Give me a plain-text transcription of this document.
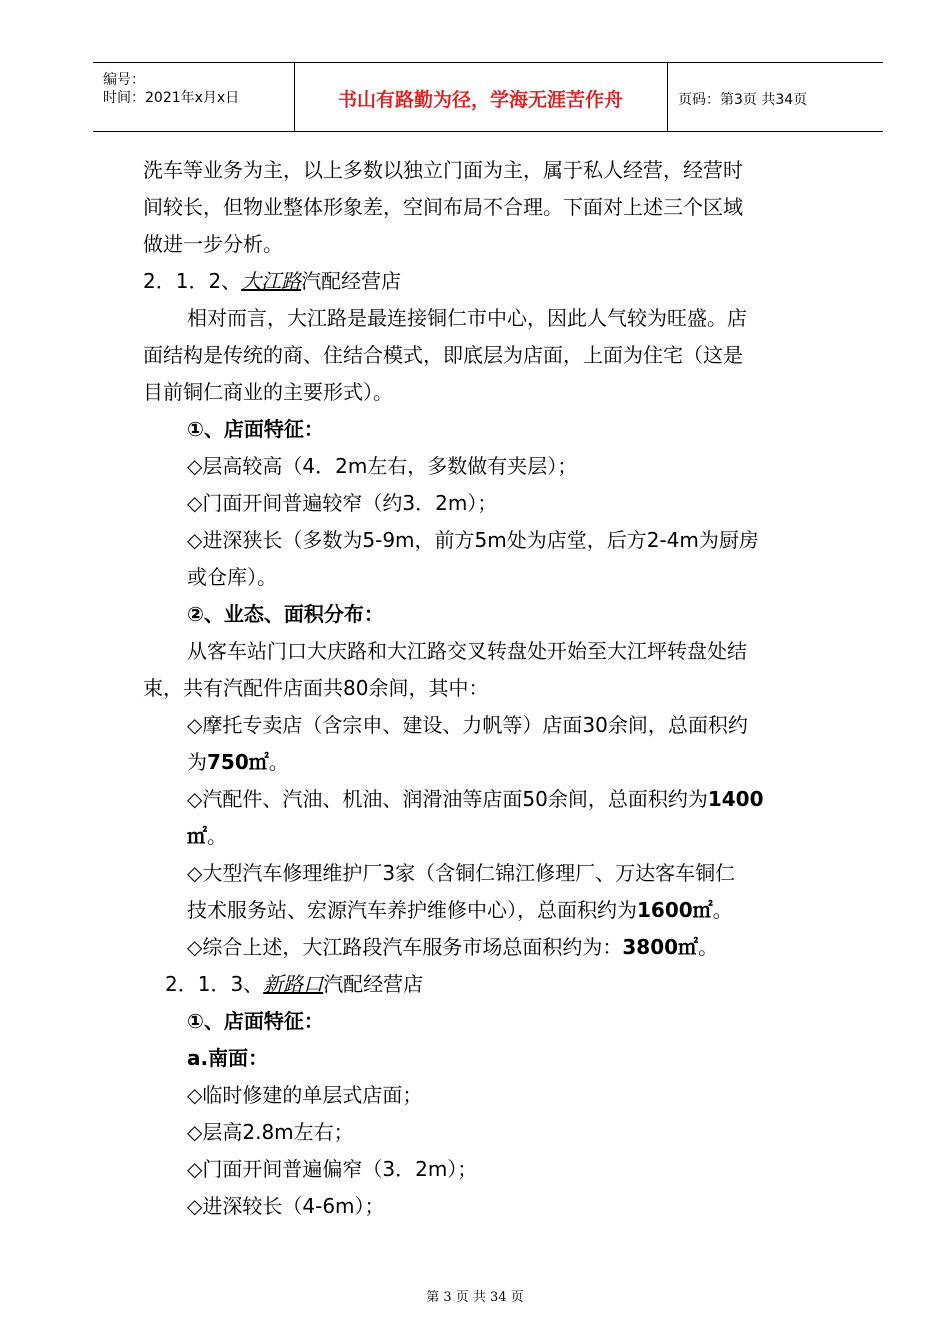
编号：
时间：2021年x月x日	书山有路勤为径，学海无涯苦作舟	页码：第3页 共34页
洗车等业务为主，以上多数以独立门面为主，属于私人经营，经营时
间较长，但物业整体形象差，空间布局不合理。下面对上述三个区域
做进一步分析。
2．1．2、大江路汽配经营店
相对而言，大江路是最连接铜仁市中心，因此人气较为旺盛。店
面结构是传统的商、住结合模式，即底层为店面，上面为住宅（这是
目前铜仁商业的主要形式）。
①、店面特征：
◇层高较高（4．2m左右，多数做有夹层）；
◇门面开间普遍较窄（约3．2m）；
◇进深狭长（多数为5-9m，前方5m处为店堂，后方2-4m为厨房
或仓库）。
②、业态、面积分布：
从客车站门口大庆路和大江路交叉转盘处开始至大江坪转盘处结
束，共有汽配件店面共80余间，其中：
◇摩托专卖店（含宗申、建设、力帆等）店面30余间，总面积约
为750㎡。
◇汽配件、汽油、机油、润滑油等店面50余间，总面积约为1400
㎡。
◇大型汽车修理维护厂3家（含铜仁锦江修理厂、万达客车铜仁
技术服务站、宏源汽车养护维修中心），总面积约为1600㎡。
◇综合上述，大江路段汽车服务市场总面积约为：3800㎡。
2．1．3、新路口汽配经营店
①、店面特征：
a.南面：
◇临时修建的单层式店面；
◇层高2.8m左右；
◇门面开间普遍偏窄（3．2m）；
◇进深较长（4-6m）；
第 3 页 共 34 页
